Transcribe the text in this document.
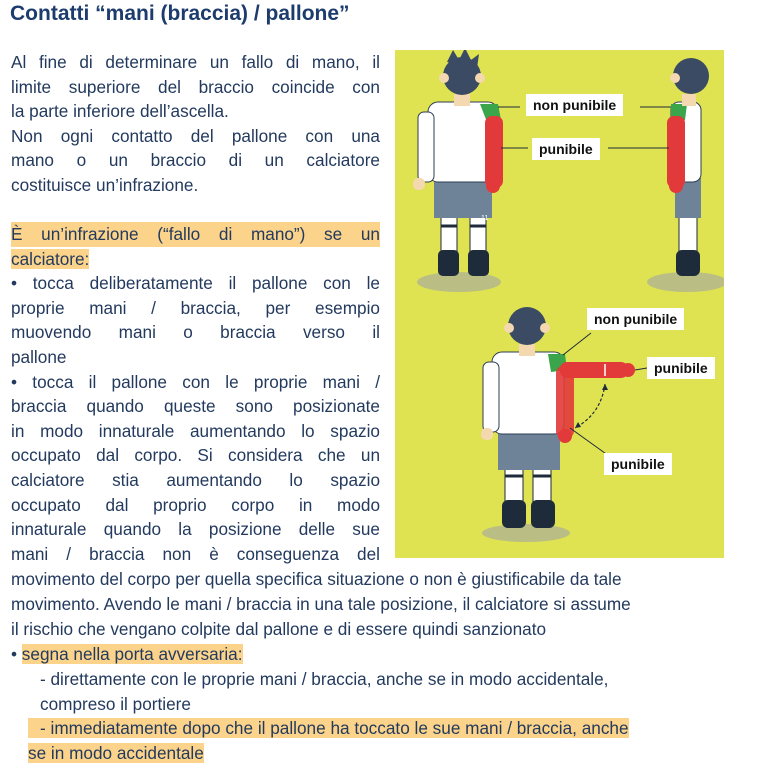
Contatti “mani (braccia) / pallone”
Al fine di determinare un fallo di mano, il
limite superiore del braccio coincide con
la parte inferiore dell’ascella.
Non ogni contatto del pallone con una
mano o un braccio di un calciatore
costituisce un’infrazione.
È un’infrazione (“fallo di mano”) se un
calciatore:
• tocca deliberatamente il pallone con le
proprie mani / braccia, per esempio
muovendo mani o braccia verso il
pallone
• tocca il pallone con le proprie mani /
braccia quando queste sono posizionate
in modo innaturale aumentando lo spazio
occupato dal corpo. Si considera che un
calciatore stia aumentando lo spazio
occupato dal proprio corpo in modo
innaturale quando la posizione delle sue
mani / braccia non è conseguenza del
movimento del corpo per quella specifica situazione o non è giustificabile da tale
movimento. Avendo le mani / braccia in una tale posizione, il calciatore si assume
il rischio che vengano colpite dal pallone e di essere quindi sanzionato
• segna nella porta avversaria:
- direttamente con le proprie mani / braccia, anche se in modo accidentale,
compreso il portiere
- immediatamente dopo che il pallone ha toccato le sue mani / braccia, anche
se in modo accidentale
11
non punibile
punibile
non punibile
punibile
punibile
